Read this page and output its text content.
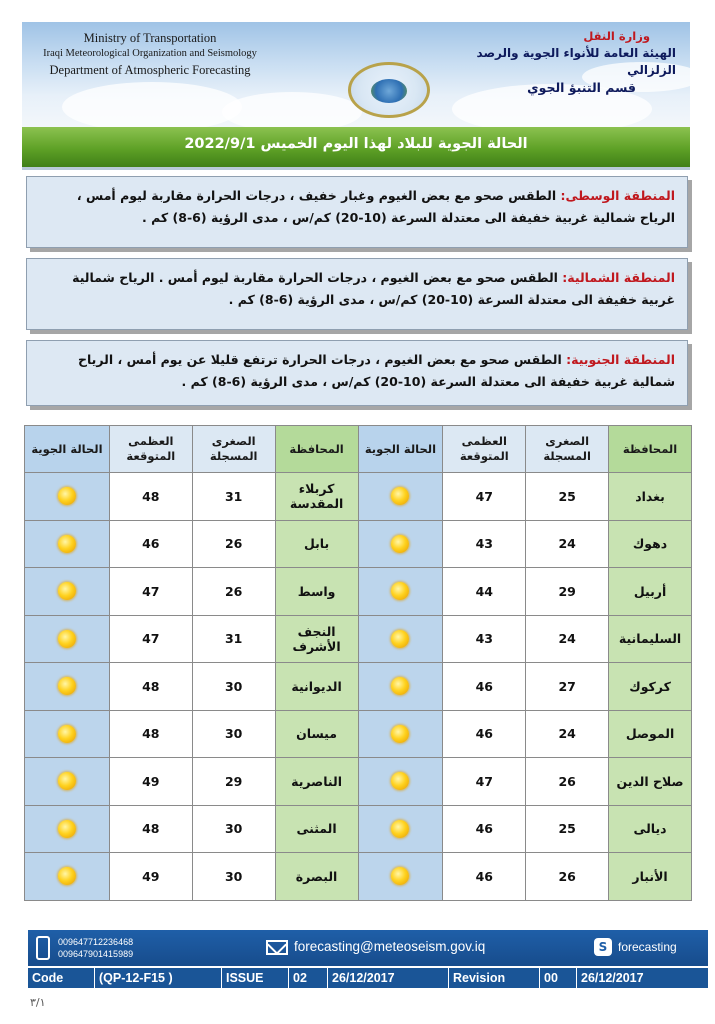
Ministry of Transportation
Iraqi Meteorological Organization and Seismology
Department of Atmospheric Forecasting
وزارة النقل
الهيئة العامة للأنواء الجوية والرصد الزلزالي
قسم التنبؤ الجوي
الحالة الجوية للبلاد لهذا اليوم الخميس 2022/9/1
المنطقة الوسطى: الطقس صحو مع بعض الغيوم وغبار خفيف ، درجات الحرارة مقاربة ليوم أمس ، الرياح شمالية غربية خفيفة الى معتدلة السرعة (10-20) كم/س ، مدى الرؤية (6-8) كم .
المنطقة الشمالية: الطقس صحو مع بعض الغيوم ، درجات الحرارة مقاربة ليوم أمس . الرياح شمالية غربية خفيفة الى معتدلة السرعة (10-20) كم/س ، مدى الرؤية (6-8) كم .
المنطقة الجنوبية: الطقس صحو مع بعض الغيوم ، درجات الحرارة ترتفع قليلا عن يوم أمس ، الرياح شمالية غربية خفيفة الى معتدلة السرعة (10-20) كم/س ، مدى الرؤية (6-8) كم .
المحافظة	الصغرى المسجلة	العظمى المتوقعة	الحالة الجوية	المحافظة	الصغرى المسجلة	العظمى المتوقعة	الحالة الجوية
بغداد	25	47		كربلاء المقدسة	31	48	
دهوك	24	43		بابل	26	46	
أربيل	29	44		واسط	26	47	
السليمانية	24	43		النجف الأشرف	31	47	
كركوك	27	46		الديوانية	30	48	
الموصل	24	46		ميسان	30	48	
صلاح الدين	26	47		الناصرية	29	49	
ديالى	25	46		المثنى	30	48	
الأنبار	26	46		البصرة	30	49	
009647712236468
009647901415989	forecasting@meteoseism.gov.iq	S forecasting
Code	(QP-12-F15 )	ISSUE	02	26/12/2017	Revision	00	26/12/2017
٣/١
